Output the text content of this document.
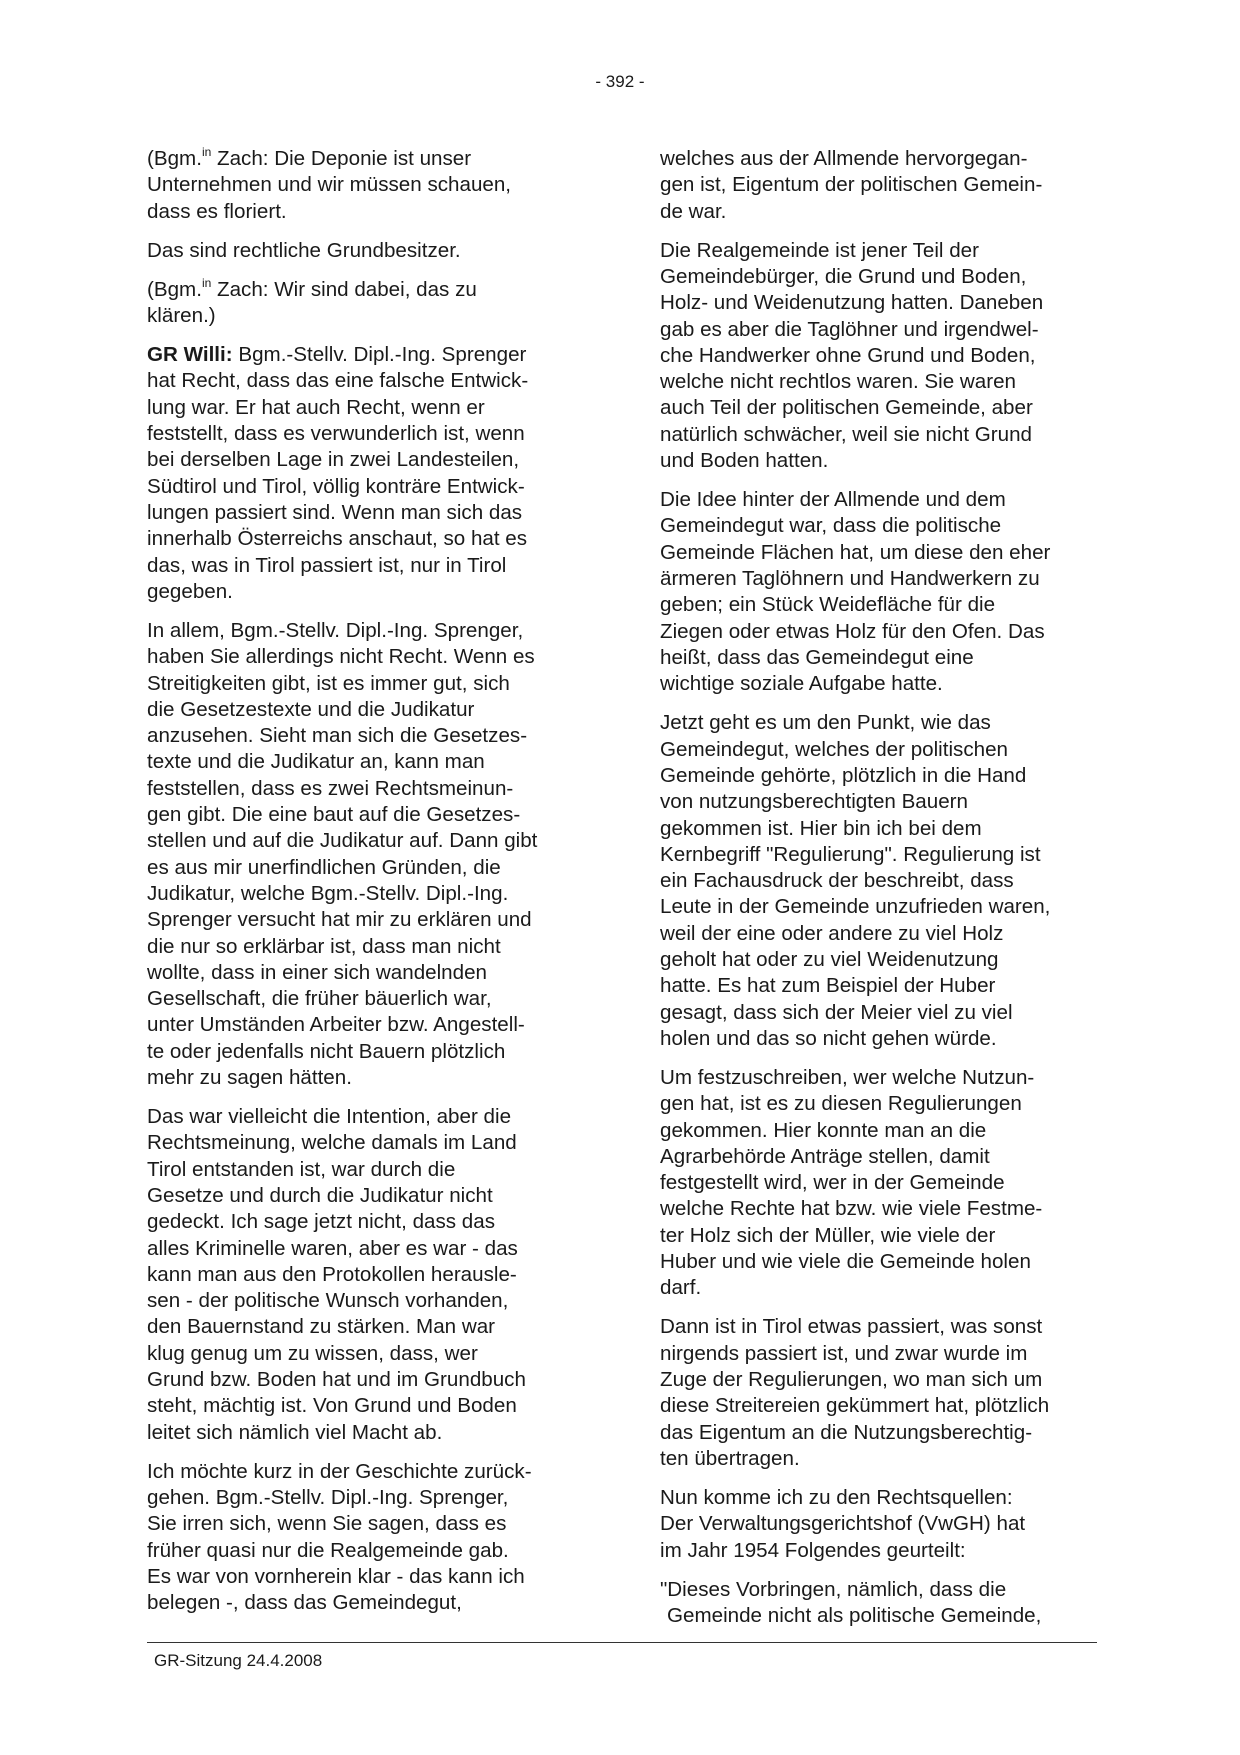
- 392 -

(Bgm.$^{in}$ Zach: Die Deponie ist unser
Unternehmen und wir müssen schauen,
dass es floriert.

Das sind rechtliche Grundbesitzer.

(Bgm.$^{in}$ Zach: Wir sind dabei, das zu
klären.)

GR Willi: Bgm.-Stellv. Dipl.-Ing. Sprenger
hat Recht, dass das eine falsche Entwick-
lung war. Er hat auch Recht, wenn er
feststellt, dass es verwunderlich ist, wenn
bei derselben Lage in zwei Landesteilen,
Südtirol und Tirol, völlig konträre Entwick-
lungen passiert sind. Wenn man sich das
innerhalb Österreichs anschaut, so hat es
das, was in Tirol passiert ist, nur in Tirol
gegeben.

In allem, Bgm.-Stellv. Dipl.-Ing. Sprenger,
haben Sie allerdings nicht Recht. Wenn es
Streitigkeiten gibt, ist es immer gut, sich
die Gesetzestexte und die Judikatur
anzusehen. Sieht man sich die Gesetzes-
texte und die Judikatur an, kann man
feststellen, dass es zwei Rechtsmeinun-
gen gibt. Die eine baut auf die Gesetzes-
stellen und auf die Judikatur auf. Dann gibt
es aus mir unerfindlichen Gründen, die
Judikatur, welche Bgm.-Stellv. Dipl.-Ing.
Sprenger versucht hat mir zu erklären und
die nur so erklärbar ist, dass man nicht
wollte, dass in einer sich wandelnden
Gesellschaft, die früher bäuerlich war,
unter Umständen Arbeiter bzw. Angestell-
te oder jedenfalls nicht Bauern plötzlich
mehr zu sagen hätten.

Das war vielleicht die Intention, aber die
Rechtsmeinung, welche damals im Land
Tirol entstanden ist, war durch die
Gesetze und durch die Judikatur nicht
gedeckt. Ich sage jetzt nicht, dass das
alles Kriminelle waren, aber es war - das
kann man aus den Protokollen herausle-
sen - der politische Wunsch vorhanden,
den Bauernstand zu stärken. Man war
klug genug um zu wissen, dass, wer
Grund bzw. Boden hat und im Grundbuch
steht, mächtig ist. Von Grund und Boden
leitet sich nämlich viel Macht ab.

Ich möchte kurz in der Geschichte zurück-
gehen. Bgm.-Stellv. Dipl.-Ing. Sprenger,
Sie irren sich, wenn Sie sagen, dass es
früher quasi nur die Realgemeinde gab.
Es war von vornherein klar - das kann ich
belegen -, dass das Gemeindegut,

welches aus der Allmende hervorgegan-
gen ist, Eigentum der politischen Gemein-
de war.

Die Realgemeinde ist jener Teil der
Gemeindebürger, die Grund und Boden,
Holz- und Weidenutzung hatten. Daneben
gab es aber die Taglöhner und irgendwel-
che Handwerker ohne Grund und Boden,
welche nicht rechtlos waren. Sie waren
auch Teil der politischen Gemeinde, aber
natürlich schwächer, weil sie nicht Grund
und Boden hatten.

Die Idee hinter der Allmende und dem
Gemeindegut war, dass die politische
Gemeinde Flächen hat, um diese den eher
ärmeren Taglöhnern und Handwerkern zu
geben; ein Stück Weidefläche für die
Ziegen oder etwas Holz für den Ofen. Das
heißt, dass das Gemeindegut eine
wichtige soziale Aufgabe hatte.

Jetzt geht es um den Punkt, wie das
Gemeindegut, welches der politischen
Gemeinde gehörte, plötzlich in die Hand
von nutzungsberechtigten Bauern
gekommen ist. Hier bin ich bei dem
Kernbegriff "Regulierung". Regulierung ist
ein Fachausdruck der beschreibt, dass
Leute in der Gemeinde unzufrieden waren,
weil der eine oder andere zu viel Holz
geholt hat oder zu viel Weidenutzung
hatte. Es hat zum Beispiel der Huber
gesagt, dass sich der Meier viel zu viel
holen und das so nicht gehen würde.

Um festzuschreiben, wer welche Nutzun-
gen hat, ist es zu diesen Regulierungen
gekommen. Hier konnte man an die
Agrarbehörde Anträge stellen, damit
festgestellt wird, wer in der Gemeinde
welche Rechte hat bzw. wie viele Festme-
ter Holz sich der Müller, wie viele der
Huber und wie viele die Gemeinde holen
darf.

Dann ist in Tirol etwas passiert, was sonst
nirgends passiert ist, und zwar wurde im
Zuge der Regulierungen, wo man sich um
diese Streitereien gekümmert hat, plötzlich
das Eigentum an die Nutzungsberechtig-
ten übertragen.

Nun komme ich zu den Rechtsquellen:
Der Verwaltungsgerichtshof (VwGH) hat
im Jahr 1954 Folgendes geurteilt:

"Dieses Vorbringen, nämlich, dass die
Gemeinde nicht als politische Gemeinde,

GR-Sitzung 24.4.2008
